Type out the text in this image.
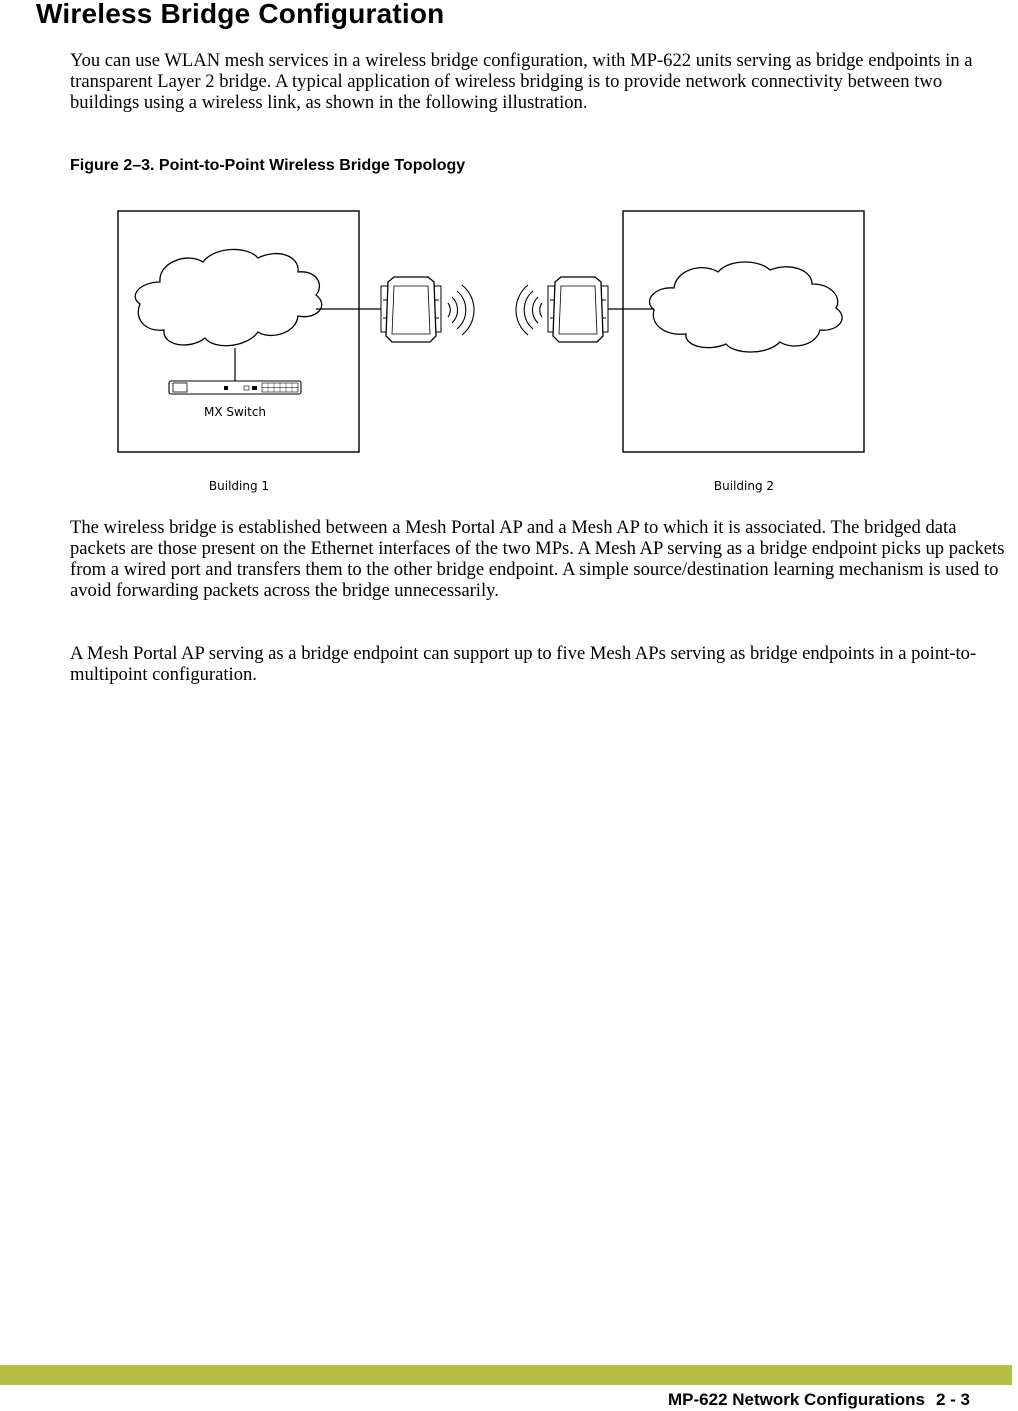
Wireless Bridge Configuration

You can use WLAN mesh services in a wireless bridge configuration, with MP-622 units serving as bridge endpoints in a transparent Layer 2 bridge. A typical application of wireless bridging is to provide network connectivity between two buildings using a wireless link, as shown in the following illustration.

Figure 2–3. Point-to-Point Wireless Bridge Topology

MX Switch
Building 1	Building 2

The wireless bridge is established between a Mesh Portal AP and a Mesh AP to which it is associated. The bridged data packets are those present on the Ethernet interfaces of the two MPs. A Mesh AP serving as a bridge endpoint picks up packets from a wired port and transfers them to the other bridge endpoint. A simple source/destination learning mechanism is used to avoid forwarding packets across the bridge unnecessarily.

A Mesh Portal AP serving as a bridge endpoint can support up to five Mesh APs serving as bridge endpoints in a point-to-multipoint configuration.

MP-622 Network Configurations 2 - 3
